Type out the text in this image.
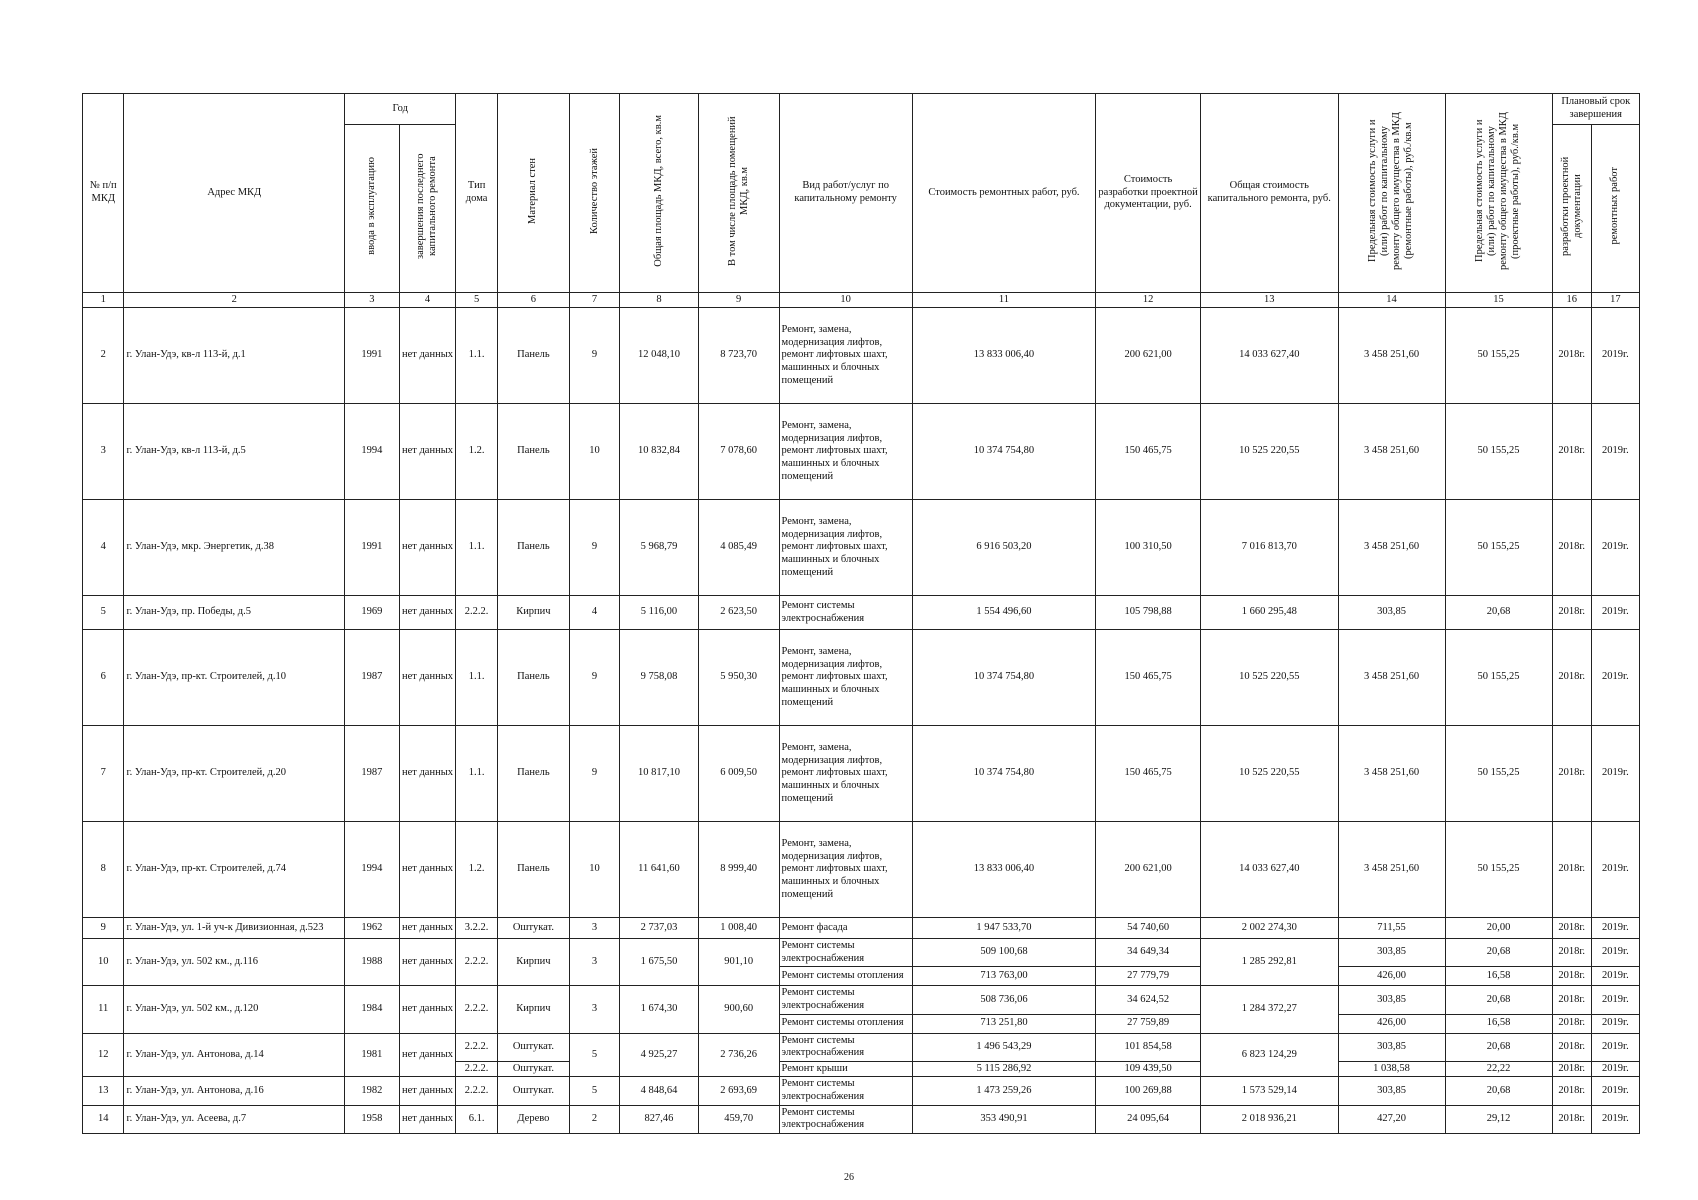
№ п/п МКД	Адрес МКД	Год		Тип дома	Материал стен	Количество этажей	Общая площадь МКД, всего, кв.м	В том числе площадь помещений МКД, кв.м	Вид работ/услуг по капитальному ремонту	Стоимость ремонтных работ, руб.	Стоимость разработки проектной документации, руб.	Общая стоимость капитального ремонта, руб.	Предельная стоимость услуги и (или) работ по капитальному ремонту общего имущества в МКД (ремонтные работы), руб./кв.м	Предельная стоимость услуги и (или) работ по капитальному ремонту общего имущества в МКД (проектные работы), руб./кв.м	Плановый срок завершения	
		ввода в эксплуатацию	завершения последнего капитального ремонта												разработки проектной документации	ремонтных работ
1	2	3	4	5	6	7	8	9	10	11	12	13	14	15	16	17
2	г. Улан-Удэ, кв-л 113-й, д.1	1991	нет данных	1.1.	Панель	9	12 048,10	8 723,70	Ремонт, замена, модернизация лифтов, ремонт лифтовых шахт, машинных и блочных помещений	13 833 006,40	200 621,00	14 033 627,40	3 458 251,60	50 155,25	2018г.	2019г.
3	г. Улан-Удэ, кв-л 113-й, д.5	1994	нет данных	1.2.	Панель	10	10 832,84	7 078,60	Ремонт, замена, модернизация лифтов, ремонт лифтовых шахт, машинных и блочных помещений	10 374 754,80	150 465,75	10 525 220,55	3 458 251,60	50 155,25	2018г.	2019г.
4	г. Улан-Удэ, мкр. Энергетик, д.38	1991	нет данных	1.1.	Панель	9	5 968,79	4 085,49	Ремонт, замена, модернизация лифтов, ремонт лифтовых шахт, машинных и блочных помещений	6 916 503,20	100 310,50	7 016 813,70	3 458 251,60	50 155,25	2018г.	2019г.
5	г. Улан-Удэ, пр. Победы, д.5	1969	нет данных	2.2.2.	Кирпич	4	5 116,00	2 623,50	Ремонт системы электроснабжения	1 554 496,60	105 798,88	1 660 295,48	303,85	20,68	2018г.	2019г.
6	г. Улан-Удэ, пр-кт. Строителей, д.10	1987	нет данных	1.1.	Панель	9	9 758,08	5 950,30	Ремонт, замена, модернизация лифтов, ремонт лифтовых шахт, машинных и блочных помещений	10 374 754,80	150 465,75	10 525 220,55	3 458 251,60	50 155,25	2018г.	2019г.
7	г. Улан-Удэ, пр-кт. Строителей, д.20	1987	нет данных	1.1.	Панель	9	10 817,10	6 009,50	Ремонт, замена, модернизация лифтов, ремонт лифтовых шахт, машинных и блочных помещений	10 374 754,80	150 465,75	10 525 220,55	3 458 251,60	50 155,25	2018г.	2019г.
8	г. Улан-Удэ, пр-кт. Строителей, д.74	1994	нет данных	1.2.	Панель	10	11 641,60	8 999,40	Ремонт, замена, модернизация лифтов, ремонт лифтовых шахт, машинных и блочных помещений	13 833 006,40	200 621,00	14 033 627,40	3 458 251,60	50 155,25	2018г.	2019г.
9	г. Улан-Удэ, ул. 1-й уч-к Дивизионная, д.523	1962	нет данных	3.2.2.	Оштукат.	3	2 737,03	1 008,40	Ремонт фасада	1 947 533,70	54 740,60	2 002 274,30	711,55	20,00	2018г.	2019г.
10	г. Улан-Удэ, ул. 502 км., д.116	1988	нет данных	2.2.2.	Кирпич	3	1 675,50	901,10	Ремонт системы электроснабжения	509 100,68	34 649,34	1 285 292,81	303,85	20,68	2018г.	2019г.
									Ремонт системы отопления	713 763,00	27 779,79		426,00	16,58	2018г.	2019г.
11	г. Улан-Удэ, ул. 502 км., д.120	1984	нет данных	2.2.2.	Кирпич	3	1 674,30	900,60	Ремонт системы электроснабжения	508 736,06	34 624,52	1 284 372,27	303,85	20,68	2018г.	2019г.
									Ремонт системы отопления	713 251,80	27 759,89		426,00	16,58	2018г.	2019г.
12	г. Улан-Удэ, ул. Антонова, д.14	1981	нет данных	2.2.2.	Оштукат.	5	4 925,27	2 736,26	Ремонт системы электроснабжения	1 496 543,29	101 854,58	6 823 124,29	303,85	20,68	2018г.	2019г.
				2.2.2.	Оштукат.				Ремонт крыши	5 115 286,92	109 439,50		1 038,58	22,22	2018г.	2019г.
13	г. Улан-Удэ, ул. Антонова, д.16	1982	нет данных	2.2.2.	Оштукат.	5	4 848,64	2 693,69	Ремонт системы электроснабжения	1 473 259,26	100 269,88	1 573 529,14	303,85	20,68	2018г.	2019г.
14	г. Улан-Удэ, ул. Асеева, д.7	1958	нет данных	6.1.	Дерево	2	827,46	459,70	Ремонт системы электроснабжения	353 490,91	24 095,64	2 018 936,21	427,20	29,12	2018г.	2019г.
26
